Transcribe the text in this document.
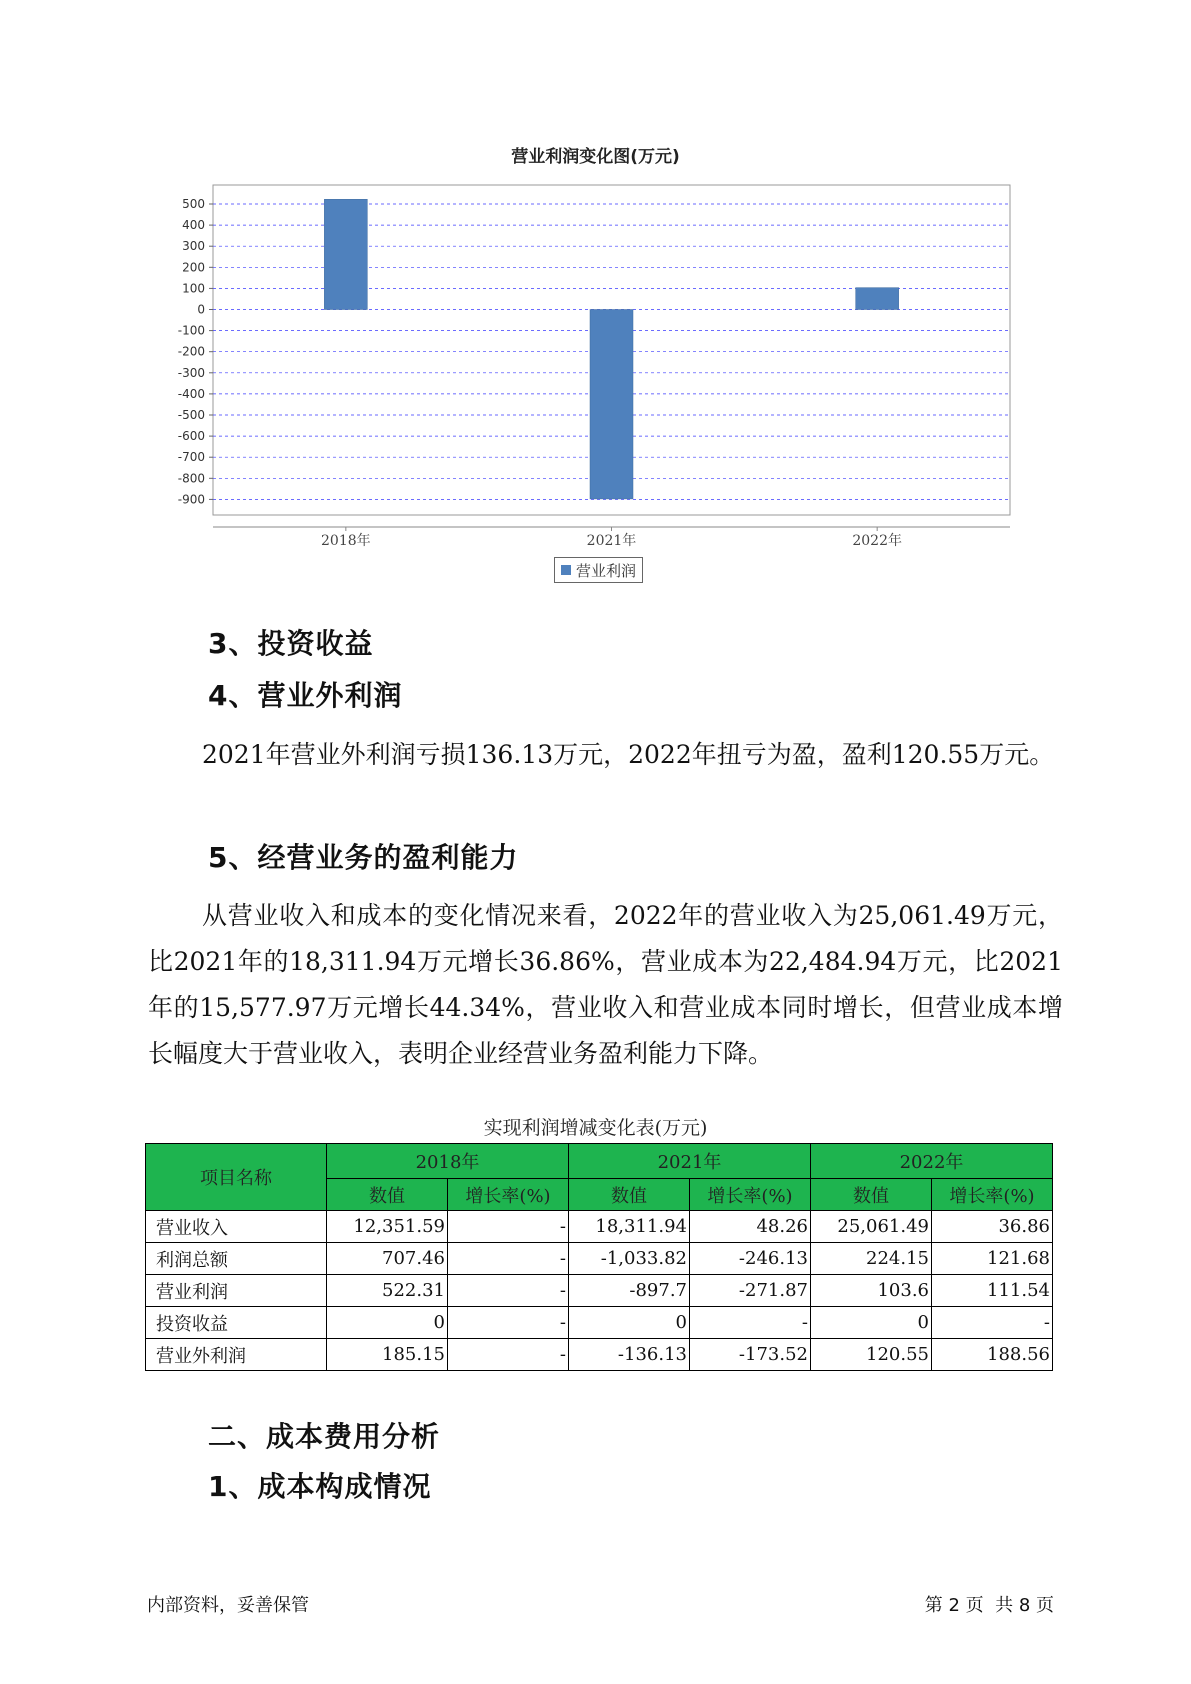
营业利润变化图(万元)
500
400
300
200
100
0
-100
-200
-300
-400
-500
-600
-700
-800
-900
2018年	2021年	2022年
营业利润
3、投资收益
4、营业外利润
2021年营业外利润亏损136.13万元，2022年扭亏为盈，盈利120.55万元。
5、经营业务的盈利能力
从营业收入和成本的变化情况来看，2022年的营业收入为25,061.49万元，比2021年的18,311.94万元增长36.86%，营业成本为22,484.94万元，比2021年的15,577.97万元增长44.34%，营业收入和营业成本同时增长，但营业成本增长幅度大于营业收入，表明企业经营业务盈利能力下降。
实现利润增减变化表(万元)
项目名称	2018年		2021年		2022年	
	数值	增长率(%)	数值	增长率(%)	数值	增长率(%)
营业收入	12,351.59	-	18,311.94	48.26	25,061.49	36.86
利润总额	707.46	-	-1,033.82	-246.13	224.15	121.68
营业利润	522.31	-	-897.7	-271.87	103.6	111.54
投资收益	0	-	0	-	0	-
营业外利润	185.15	-	-136.13	-173.52	120.55	188.56
二、成本费用分析
1、成本构成情况
内部资料，妥善保管	第 2 页  共 8 页
